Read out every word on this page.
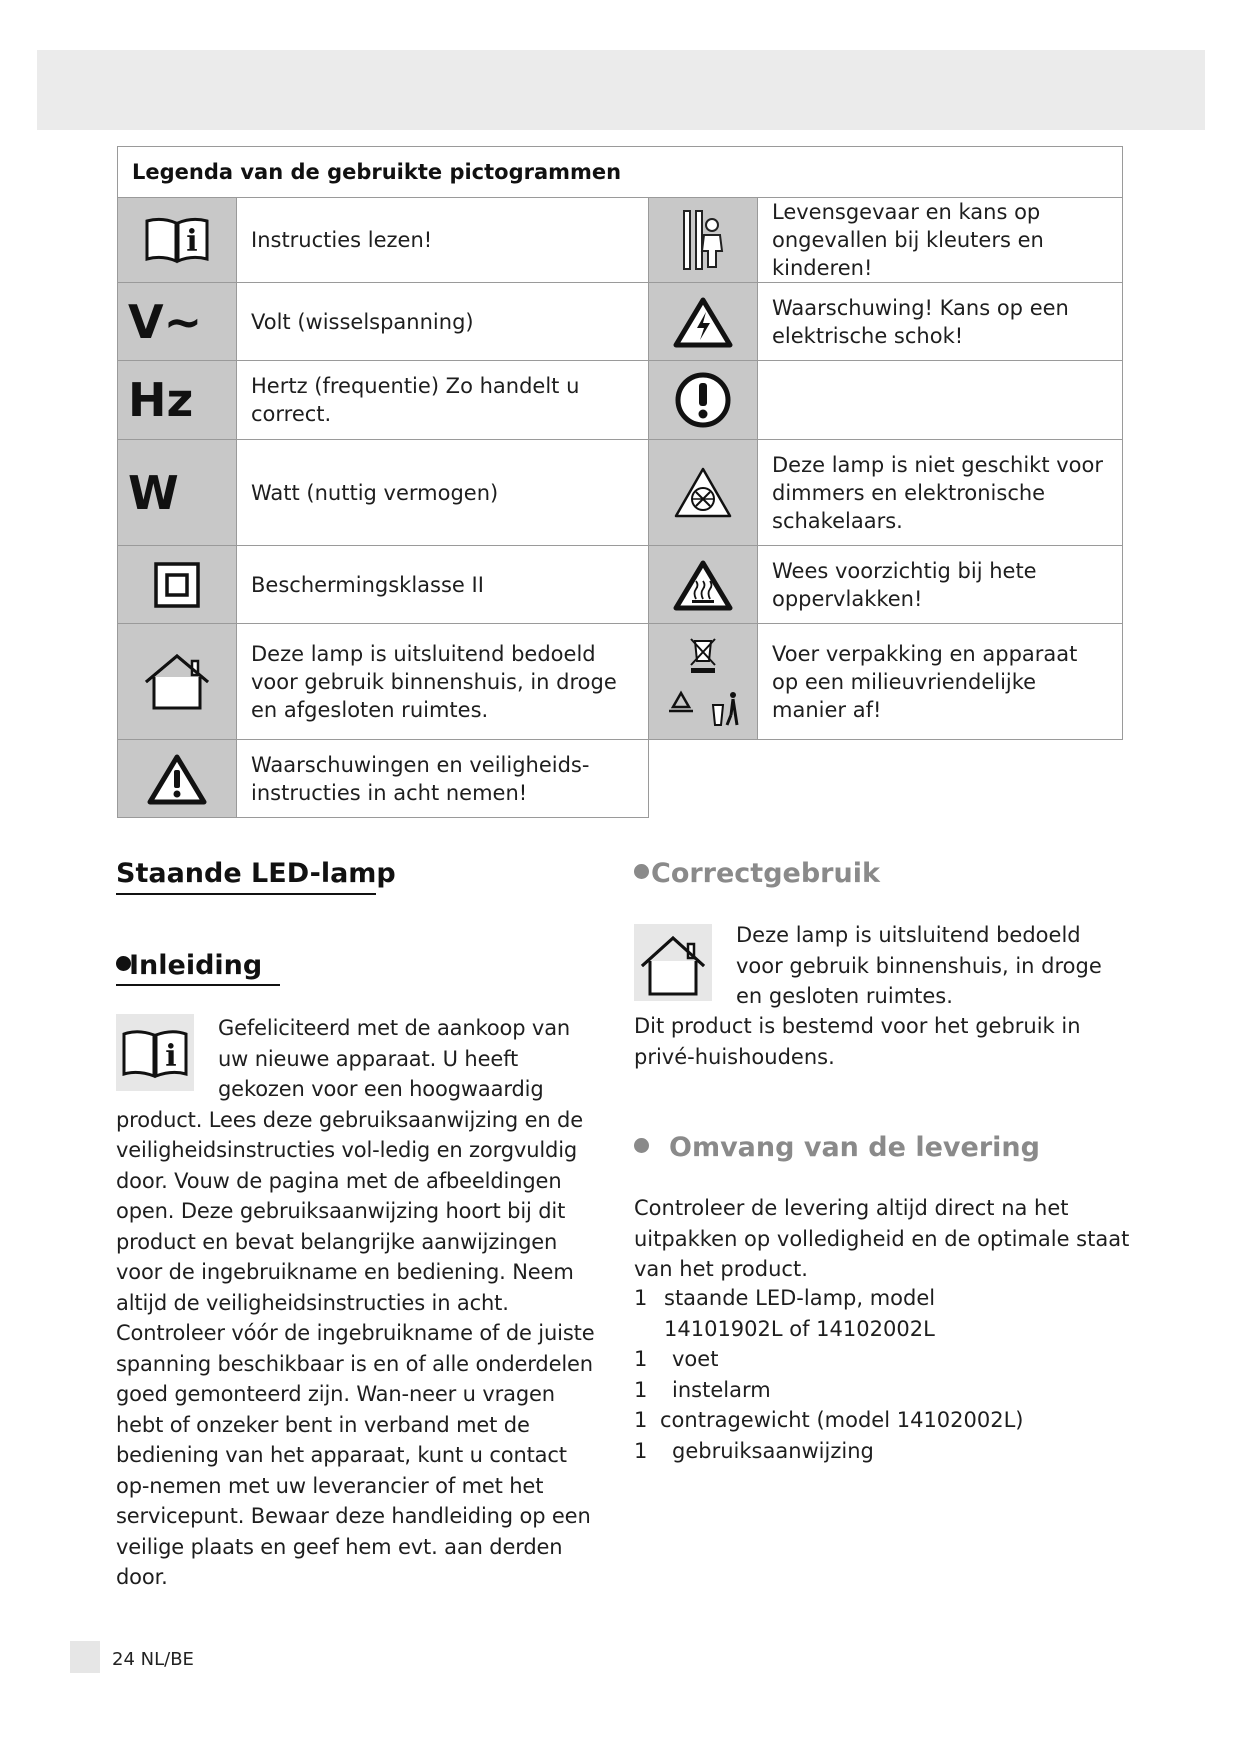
Legenda van de gebruikte pictogrammen			

i	Instructies lezen!		Levensgevaar en kans op ongevallen bij kleuters en kinderen!
V~	Volt (wisselspanning)		Waarschuwing! Kans op een elektrische schok!
Hz	Hertz (frequentie) Zo handelt u correct.	

W	Watt (nuttig vermogen)		Deze lamp is niet geschikt voor dimmers en elektronische schakelaars.

	Beschermingsklasse II		Wees voorzichtig bij hete oppervlakken!

	Deze lamp is uitsluitend bedoeld voor gebruik binnenshuis, in droge en afgesloten ruimtes.		Voer verpakking en apparaat op een milieuvriendelijke manier af!

	Waarschuwingen en veiligheids-instructies in acht nemen!		
Staande LED-lamp
Inleiding
i

Gefeliciteerd met de aankoop van uw nieuwe apparaat. U heeft gekozen voor een hoogwaardig product. Lees deze gebruiksaanwijzing en de veiligheidsinstructies vol-ledig en zorgvuldig door. Vouw de pagina met de afbeeldingen open. Deze gebruiksaanwijzing hoort bij dit product en bevat belangrijke aanwijzingen voor de ingebruikname en bediening. Neem altijd de veiligheidsinstructies in acht. Controleer vóór de ingebruikname of de juiste spanning beschikbaar is en of alle onderdelen goed gemonteerd zijn. Wan-neer u vragen hebt of onzeker bent in verband met de bediening van het apparaat, kunt u contact op-nemen met uw leverancier of met het servicepunt. Bewaar deze handleiding op een veilige plaats en geef hem evt. aan derden door.

Correctgebruik
Deze lamp is uitsluitend bedoeld voor gebruik binnenshuis, in droge en gesloten ruimtes.
Dit product is bestemd voor het gebruik in privé-huishoudens.
Omvang van de levering
Controleer de levering altijd direct na het uitpakken op volledigheid en de optimale staat van het product.
1 staande LED-lamp, model 14101902L of 14102002L
1	voet
1	instelarm
1 contragewicht (model 14102002L)
1	gebruiksaanwijzing
24 NL/BE
